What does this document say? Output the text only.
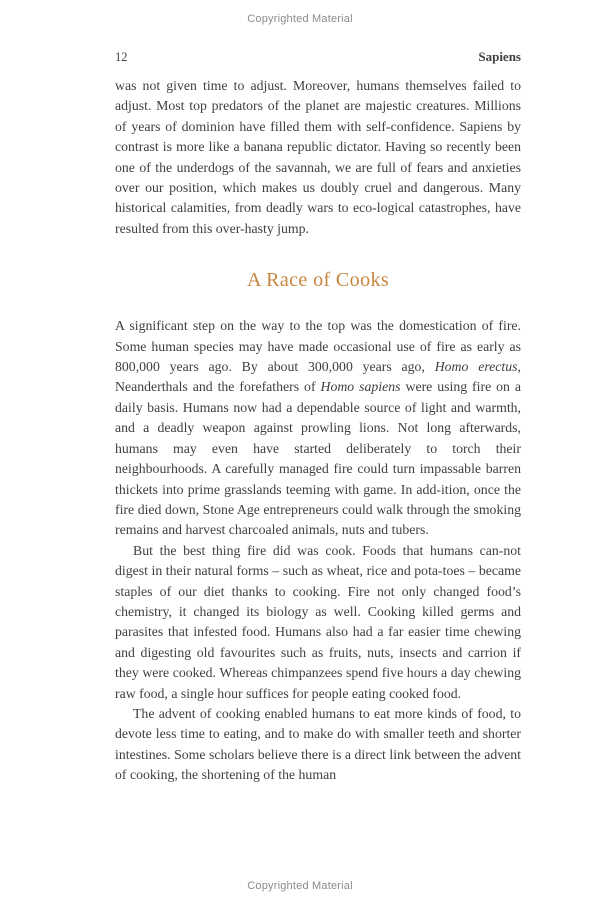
Copyrighted Material
12	Sapiens

was not given time to adjust. Moreover, humans themselves failed to adjust. Most top predators of the planet are majestic creatures. Millions of years of dominion have filled them with self-confidence. Sapiens by contrast is more like a banana republic dictator. Having so recently been one of the underdogs of the savannah, we are full of fears and anxieties over our position, which makes us doubly cruel and dangerous. Many historical calamities, from deadly wars to eco-logical catastrophes, have resulted from this over-hasty jump.

A Race of Cooks

A significant step on the way to the top was the domestication of fire. Some human species may have made occasional use of fire as early as 800,000 years ago. By about 300,000 years ago, Homo erectus, Neanderthals and the forefathers of Homo sapiens were using fire on a daily basis. Humans now had a dependable source of light and warmth, and a deadly weapon against prowling lions. Not long afterwards, humans may even have started deliberately to torch their neighbourhoods. A carefully managed fire could turn impassable barren thickets into prime grasslands teeming with game. In add-ition, once the fire died down, Stone Age entrepreneurs could walk through the smoking remains and harvest charcoaled animals, nuts and tubers.

But the best thing fire did was cook. Foods that humans can-not digest in their natural forms – such as wheat, rice and pota-toes – became staples of our diet thanks to cooking. Fire not only changed food’s chemistry, it changed its biology as well. Cooking killed germs and parasites that infested food. Humans also had a far easier time chewing and digesting old favourites such as fruits, nuts, insects and carrion if they were cooked. Whereas chimpanzees spend five hours a day chewing raw food, a single hour suffices for people eating cooked food.

The advent of cooking enabled humans to eat more kinds of food, to devote less time to eating, and to make do with smaller teeth and shorter intestines. Some scholars believe there is a direct link between the advent of cooking, the shortening of the human

Copyrighted Material
